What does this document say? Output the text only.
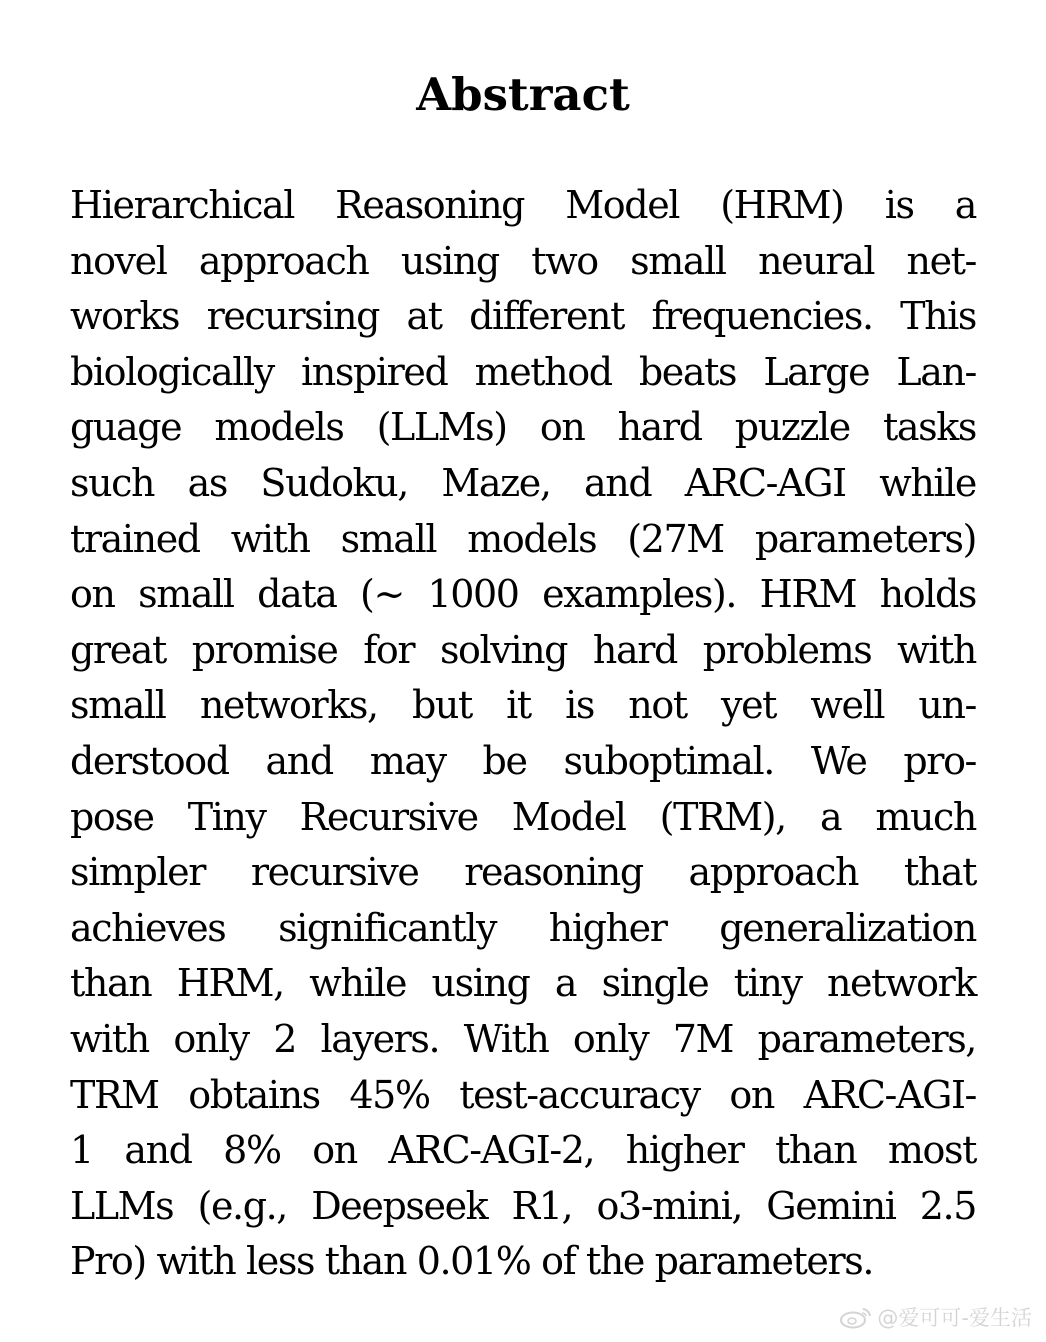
Abstract
Hierarchical Reasoning Model (HRM) is a
novel approach using two small neural net-
works recursing at different frequencies. This
biologically inspired method beats Large Lan-
guage models (LLMs) on hard puzzle tasks
such as Sudoku, Maze, and ARC-AGI while
trained with small models (27M parameters)
on small data (∼ 1000 examples). HRM holds
great promise for solving hard problems with
small networks, but it is not yet well un-
derstood and may be suboptimal. We pro-
pose Tiny Recursive Model (TRM), a much
simpler recursive reasoning approach that
achieves significantly higher generalization
than HRM, while using a single tiny network
with only 2 layers. With only 7M parameters,
TRM obtains 45% test-accuracy on ARC-AGI-
1 and 8% on ARC-AGI-2, higher than most
LLMs (e.g., Deepseek R1, o3-mini, Gemini 2.5
Pro) with less than 0.01% of the parameters.
@爱可可-爱生活
